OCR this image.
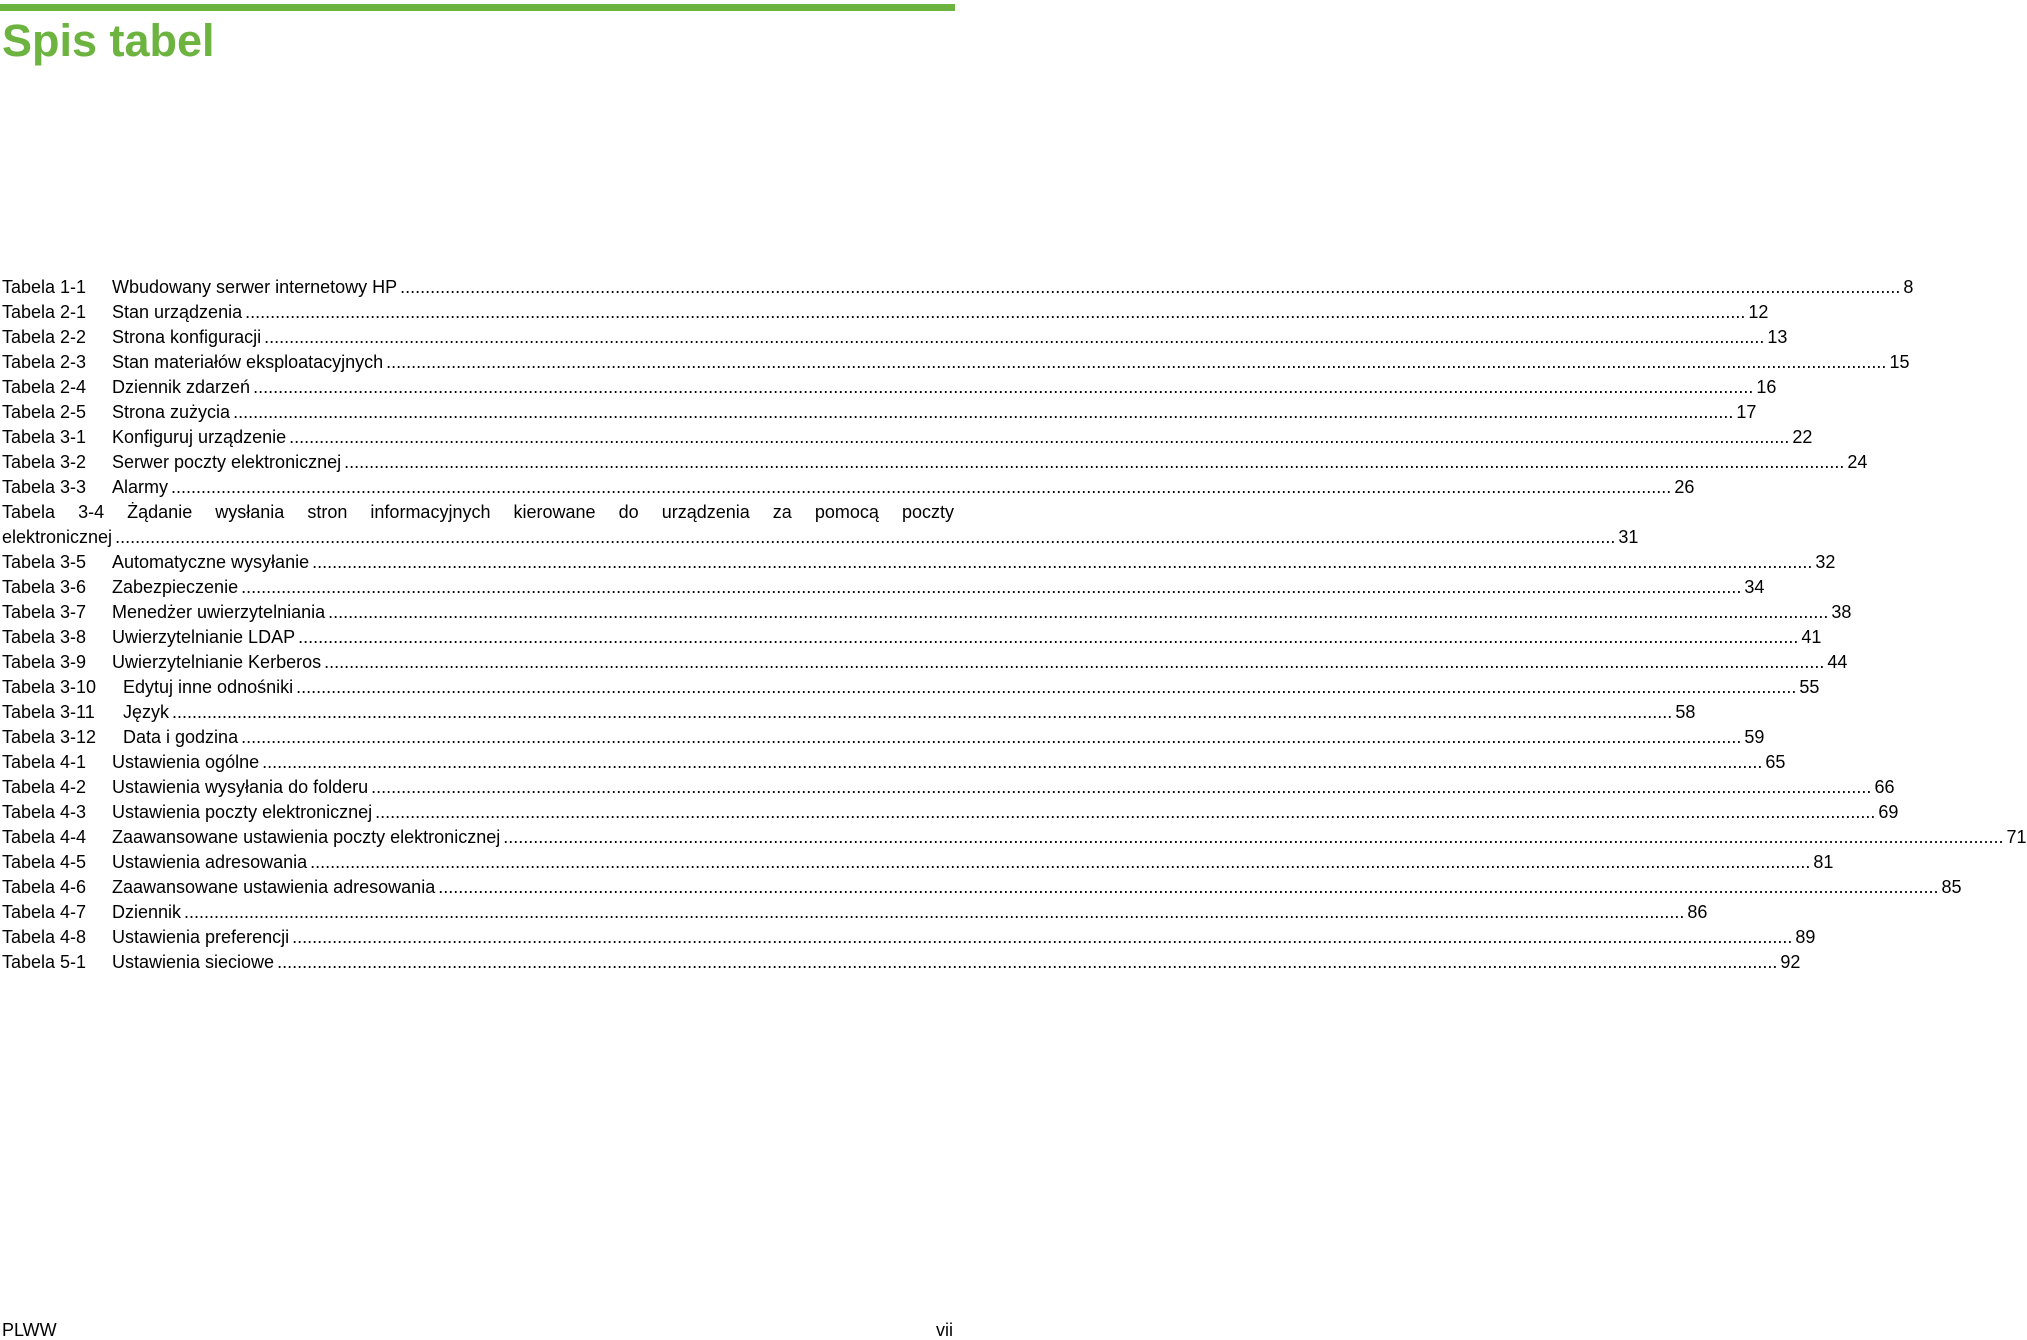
Spis tabel
Tabela 1-1	Wbudowany serwer internetowy HP ............................................................................................................................................................................................................................................................................................................ 8
Tabela 2-1	Stan urządzenia ............................................................................................................................................................................................................................................................................................................ 12
Tabela 2-2	Strona konfiguracji ............................................................................................................................................................................................................................................................................................................ 13
Tabela 2-3	Stan materiałów eksploatacyjnych ............................................................................................................................................................................................................................................................................................................ 15
Tabela 2-4	Dziennik zdarzeń ............................................................................................................................................................................................................................................................................................................ 16
Tabela 2-5	Strona zużycia ............................................................................................................................................................................................................................................................................................................ 17
Tabela 3-1	Konfiguruj urządzenie ............................................................................................................................................................................................................................................................................................................ 22
Tabela 3-2	Serwer poczty elektronicznej ............................................................................................................................................................................................................................................................................................................ 24
Tabela 3-3	Alarmy ............................................................................................................................................................................................................................................................................................................ 26
Tabela 3-4 Żądanie wysłania stron informacyjnych kierowane do urządzenia za pomocą poczty
elektronicznej ............................................................................................................................................................................................................................................................................................................ 31
Tabela 3-5	Automatyczne wysyłanie ............................................................................................................................................................................................................................................................................................................ 32
Tabela 3-6	Zabezpieczenie ............................................................................................................................................................................................................................................................................................................ 34
Tabela 3-7	Menedżer uwierzytelniania ............................................................................................................................................................................................................................................................................................................ 38
Tabela 3-8	Uwierzytelnianie LDAP ............................................................................................................................................................................................................................................................................................................ 41
Tabela 3-9	Uwierzytelnianie Kerberos ............................................................................................................................................................................................................................................................................................................ 44
Tabela 3-10	Edytuj inne odnośniki ............................................................................................................................................................................................................................................................................................................ 55
Tabela 3-11	Język ............................................................................................................................................................................................................................................................................................................ 58
Tabela 3-12	Data i godzina ............................................................................................................................................................................................................................................................................................................ 59
Tabela 4-1	Ustawienia ogólne ............................................................................................................................................................................................................................................................................................................ 65
Tabela 4-2	Ustawienia wysyłania do folderu ............................................................................................................................................................................................................................................................................................................ 66
Tabela 4-3	Ustawienia poczty elektronicznej ............................................................................................................................................................................................................................................................................................................ 69
Tabela 4-4	Zaawansowane ustawienia poczty elektronicznej ............................................................................................................................................................................................................................................................................................................ 71
Tabela 4-5	Ustawienia adresowania ............................................................................................................................................................................................................................................................................................................ 81
Tabela 4-6	Zaawansowane ustawienia adresowania ............................................................................................................................................................................................................................................................................................................ 85
Tabela 4-7	Dziennik ............................................................................................................................................................................................................................................................................................................ 86
Tabela 4-8	Ustawienia preferencji ............................................................................................................................................................................................................................................................................................................ 89
Tabela 5-1	Ustawienia sieciowe ............................................................................................................................................................................................................................................................................................................ 92
PLWW	vii
